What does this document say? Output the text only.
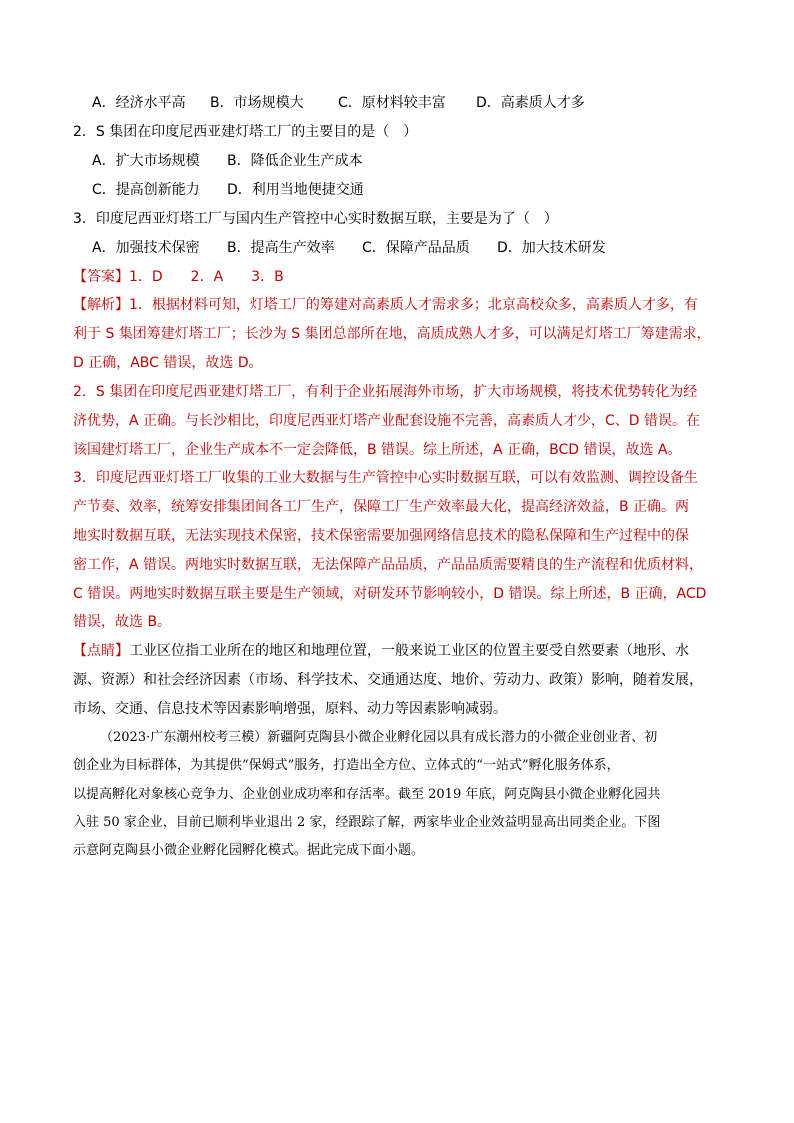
A．经济水平高 B．市场规模大 C．原材料较丰富 D．高素质人才多
2．S 集团在印度尼西亚建灯塔工厂的主要目的是（　）
A．扩大市场规模 B．降低企业生产成本
C．提高创新能力 D．利用当地便捷交通
3．印度尼西亚灯塔工厂与国内生产管控中心实时数据互联，主要是为了（　）
A．加强技术保密 B．提高生产效率 C．保障产品品质 D．加大技术研发
【答案】1．D　　2．A　　3．B
【解析】1．根据材料可知，灯塔工厂的筹建对高素质人才需求多；北京高校众多，高素质人才多，有
利于 S 集团筹建灯塔工厂；长沙为 S 集团总部所在地，高质成熟人才多，可以满足灯塔工厂筹建需求，
D 正确，ABC 错误，故选 D。
2．S 集团在印度尼西亚建灯塔工厂，有利于企业拓展海外市场，扩大市场规模，将技术优势转化为经
济优势，A 正确。与长沙相比，印度尼西亚灯塔产业配套设施不完善，高素质人才少，C、D 错误。在
该国建灯塔工厂，企业生产成本不一定会降低，B 错误。综上所述，A 正确，BCD 错误，故选 A。
3．印度尼西亚灯塔工厂收集的工业大数据与生产管控中心实时数据互联，可以有效监测、调控设备生
产节奏、效率，统筹安排集团间各工厂生产，保障工厂生产效率最大化，提高经济效益，B 正确。两
地实时数据互联，无法实现技术保密，技术保密需要加强网络信息技术的隐私保障和生产过程中的保
密工作，A 错误。两地实时数据互联，无法保障产品品质，产品品质需要精良的生产流程和优质材料，
C 错误。两地实时数据互联主要是生产领域，对研发环节影响较小，D 错误。综上所述，B 正确，ACD
错误，故选 B。
【点睛】工业区位指工业所在的地区和地理位置，一般来说工业区的位置主要受自然要素（地形、水
源、资源）和社会经济因素（市场、科学技术、交通通达度、地价、劳动力、政策）影响，随着发展，
市场、交通、信息技术等因素影响增强，原料、动力等因素影响减弱。
（2023·广东潮州校考三模）新疆阿克陶县小微企业孵化园以具有成长潜力的小微企业创业者、初
创企业为目标群体，为其提供“保姆式”服务，打造出全方位、立体式的“一站式”孵化服务体系，
以提高孵化对象核心竞争力、企业创业成功率和存活率。截至 2019 年底，阿克陶县小微企业孵化园共
入驻 50 家企业，目前已顺利毕业退出 2 家，经跟踪了解，两家毕业企业效益明显高出同类企业。下图
示意阿克陶县小微企业孵化园孵化模式。据此完成下面小题。
